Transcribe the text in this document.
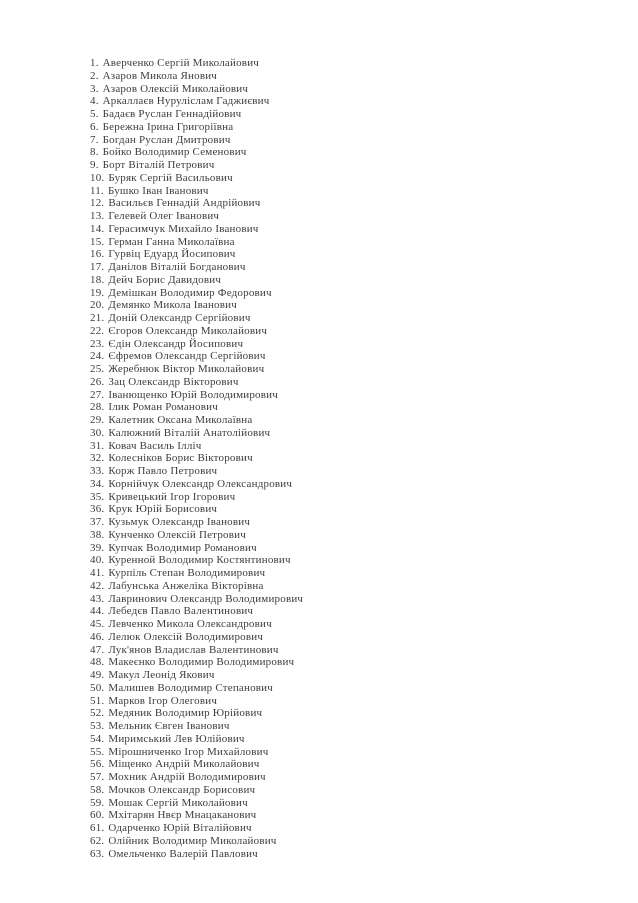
1. Аверченко Сергій Миколайович
2. Азаров Микола Янович
3. Азаров Олексій Миколайович
4. Аркаллаєв Нуруліслам Гаджиєвич
5. Бадаєв Руслан Геннадійович
6. Бережна Ірина Григоріївна
7. Богдан Руслан Дмитрович
8. Бойко Володимир Семенович
9. Борт Віталій Петрович
10. Буряк Сергій Васильович
11. Бушко Іван Іванович
12. Васильєв Геннадій Андрійович
13. Гелевей Олег Іванович
14. Герасимчук Михайло Іванович
15. Герман Ганна Миколаївна
16. Гурвіц Едуард Йосипович
17. Данілов Віталій Богданович
18. Дейч Борис Давидович
19. Демішкан Володимир Федорович
20. Демянко Микола Іванович
21. Доній Олександр Сергійович
22. Єгоров Олександр Миколайович
23. Єдін Олександр Йосипович
24. Єфремов Олександр Сергійович
25. Жеребнюк Віктор Миколайович
26. Зац Олександр Вікторович
27. Іванющенко Юрій Володимирович
28. Ілик Роман Романович
29. Калетник Оксана Миколаївна
30. Калюжний Віталій Анатолійович
31. Ковач Василь Ілліч
32. Колесніков Борис Вікторович
33. Корж Павло Петрович
34. Корнійчук Олександр Олександрович
35. Кривецький Ігор Ігорович
36. Крук Юрій Борисович
37. Кузьмук Олександр Іванович
38. Кунченко Олексій Петрович
39. Купчак Володимир Романович
40. Куренной Володимир Костянтинович
41. Курпіль Степан Володимирович
42. Лабунська Анжеліка Вікторівна
43. Лавринович Олександр Володимирович
44. Лебедєв Павло Валентинович
45. Левченко Микола Олександрович
46. Лелюк Олексій Володимирович
47. Лук'янов Владислав Валентинович
48. Макеєнко Володимир Володимирович
49. Макул Леонід Якович
50. Малишев Володимир Степанович
51. Марков Ігор Олегович
52. Медяник Володимир Юрійович
53. Мельник Євген Іванович
54. Миримський Лев Юлійович
55. Мірошниченко Ігор Михайлович
56. Міщенко Андрій Миколайович
57. Мохник Андрій Володимирович
58. Мочков Олександр Борисович
59. Мошак Сергій Миколайович
60. Мхітарян Нвєр Мнацаканович
61. Одарченко Юрій Віталійович
62. Олійник Володимир Миколайович
63. Омельченко Валерій Павлович
